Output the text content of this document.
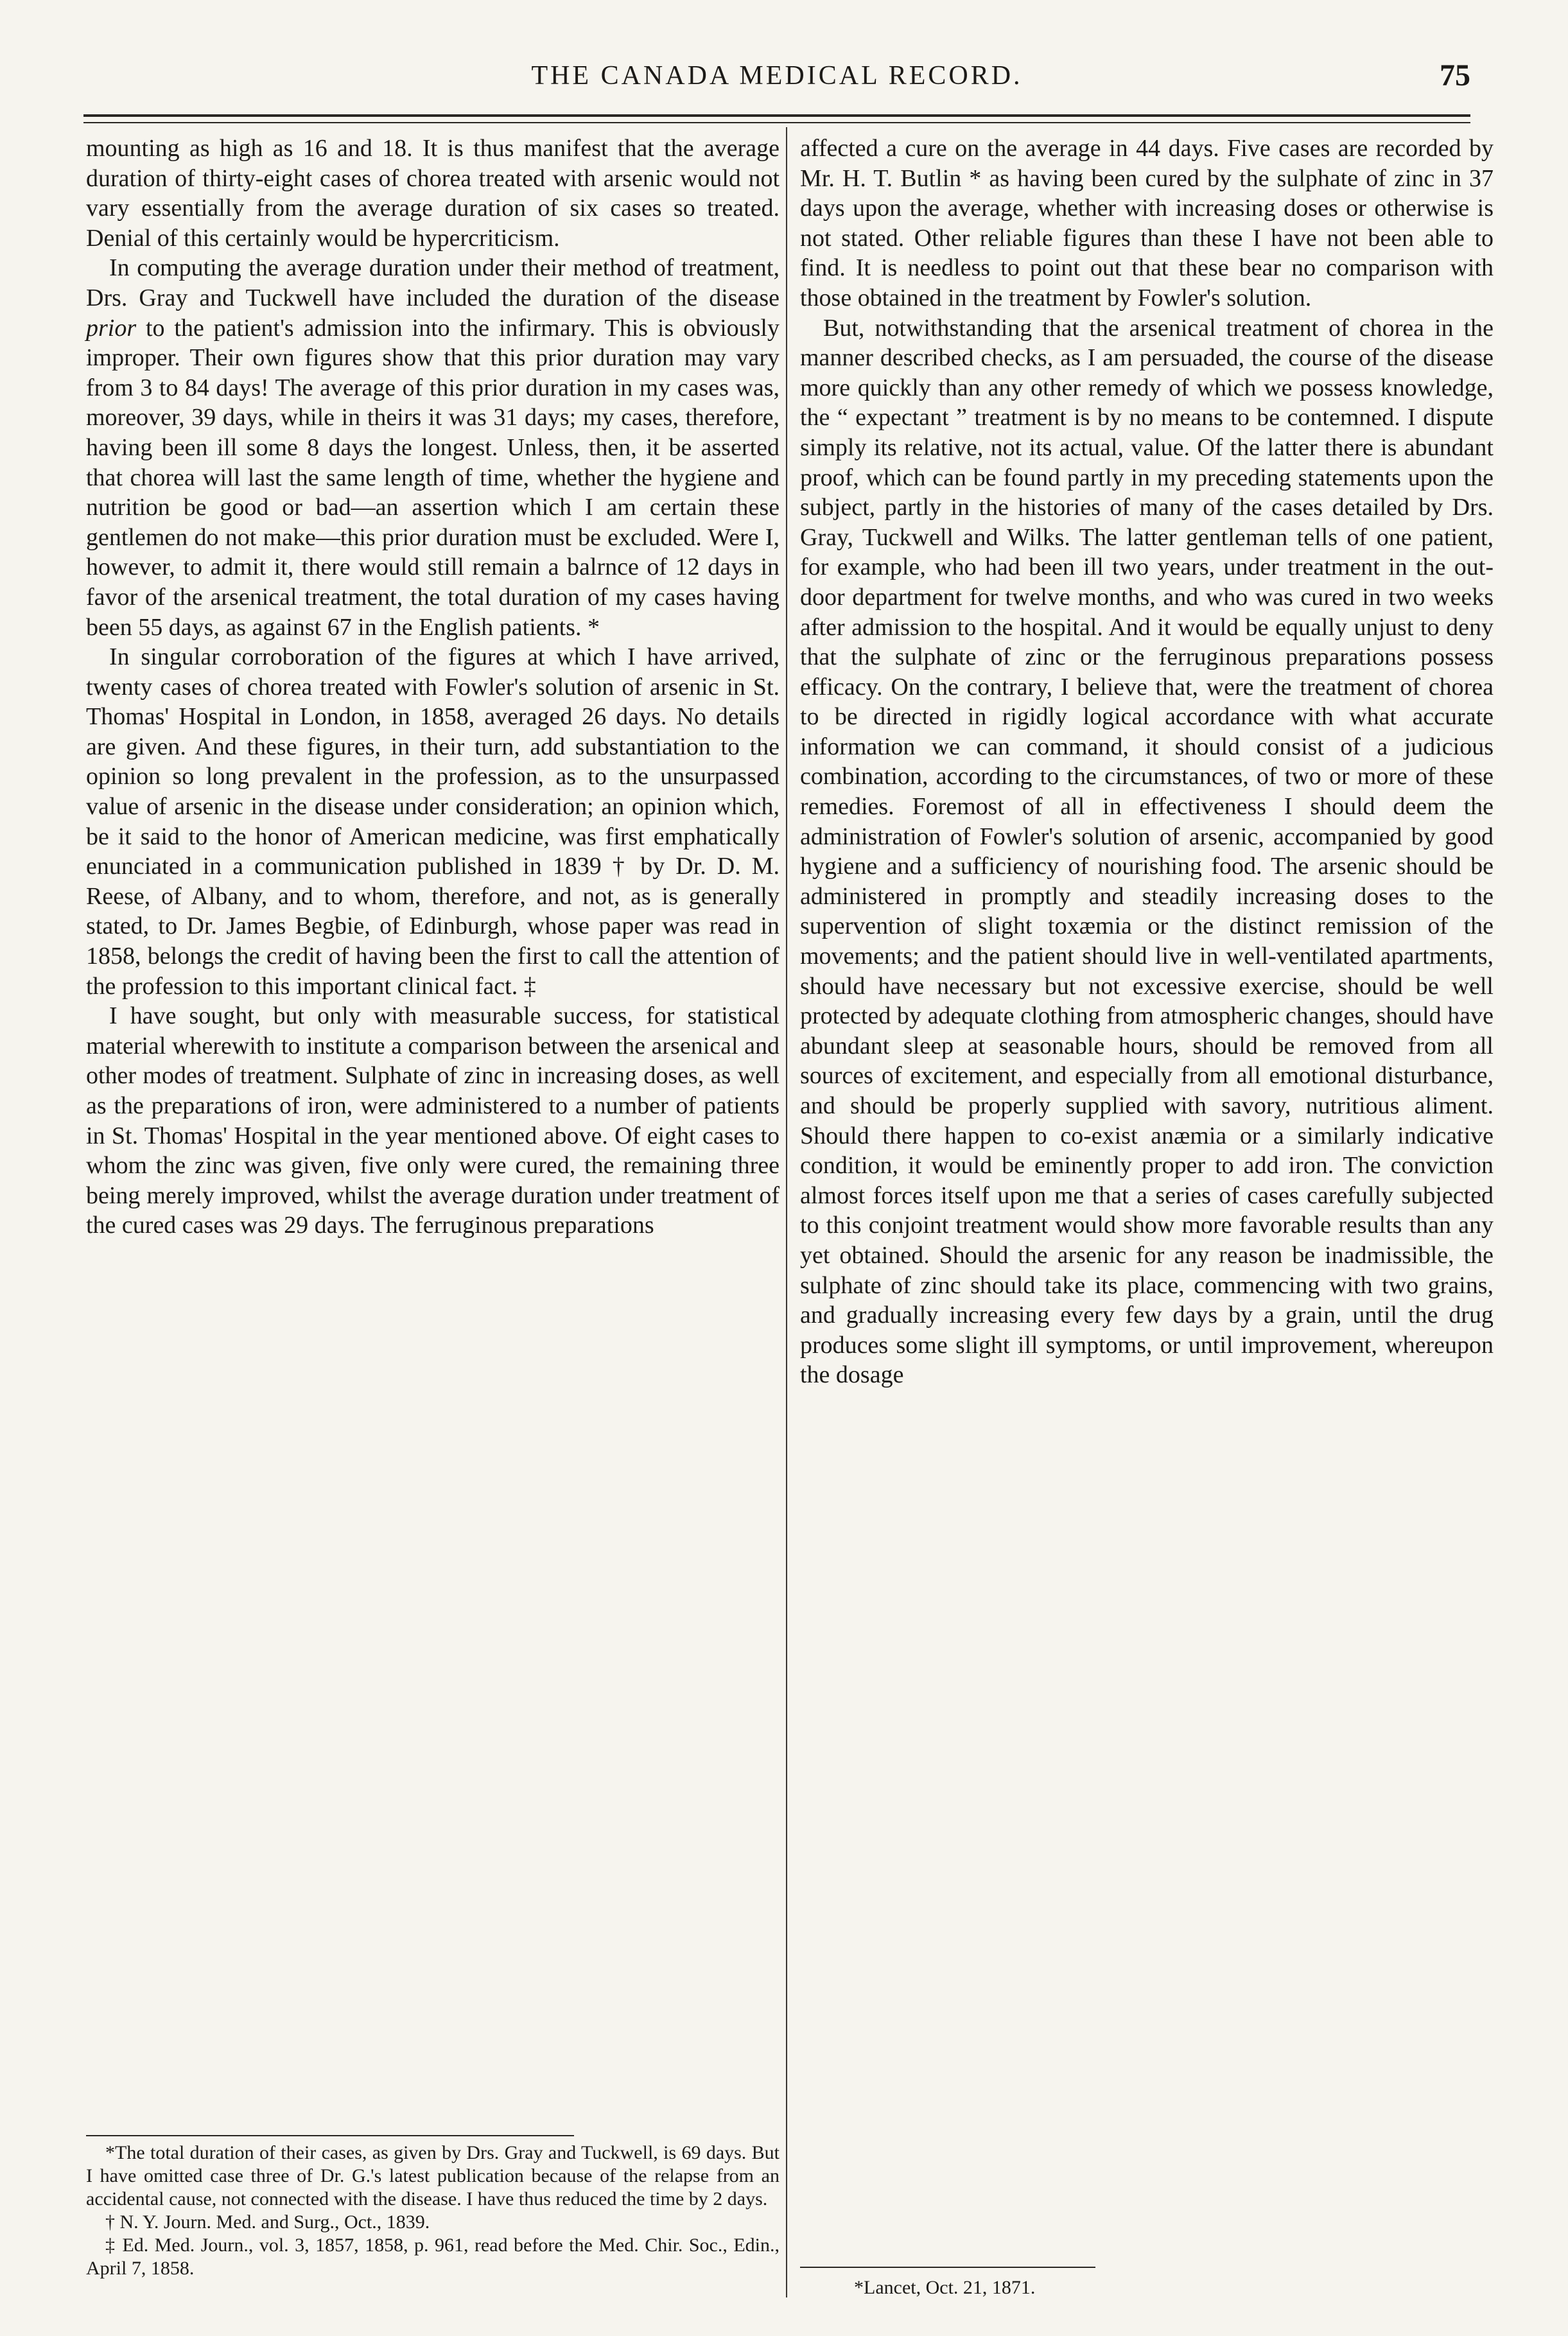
THE CANADA MEDICAL RECORD.	75

mounting as high as 16 and 18. It is thus manifest that the average duration of thirty-eight cases of chorea treated with arsenic would not vary essentially from the average duration of six cases so treated. Denial of this certainly would be hypercriticism.

In computing the average duration under their method of treatment, Drs. Gray and Tuckwell have included the duration of the disease prior to the patient's admission into the infirmary. This is obviously improper. Their own figures show that this prior duration may vary from 3 to 84 days! The average of this prior duration in my cases was, moreover, 39 days, while in theirs it was 31 days; my cases, therefore, having been ill some 8 days the longest. Unless, then, it be asserted that chorea will last the same length of time, whether the hygiene and nutrition be good or bad—an assertion which I am certain these gentlemen do not make—this prior duration must be excluded. Were I, however, to admit it, there would still remain a balrnce of 12 days in favor of the arsenical treatment, the total duration of my cases having been 55 days, as against 67 in the English patients. *

In singular corroboration of the figures at which I have arrived, twenty cases of chorea treated with Fowler's solution of arsenic in St. Thomas' Hospital in London, in 1858, averaged 26 days. No details are given. And these figures, in their turn, add substantiation to the opinion so long prevalent in the profession, as to the unsurpassed value of arsenic in the disease under consideration; an opinion which, be it said to the honor of American medicine, was first emphatically enunciated in a communication published in 1839 † by Dr. D. M. Reese, of Albany, and to whom, therefore, and not, as is generally stated, to Dr. James Begbie, of Edinburgh, whose paper was read in 1858, belongs the credit of having been the first to call the attention of the profession to this important clinical fact. ‡

I have sought, but only with measurable success, for statistical material wherewith to institute a comparison between the arsenical and other modes of treatment. Sulphate of zinc in increasing doses, as well as the preparations of iron, were administered to a number of patients in St. Thomas' Hospital in the year mentioned above. Of eight cases to whom the zinc was given, five only were cured, the remaining three being merely improved, whilst the average duration under treatment of the cured cases was 29 days. The ferruginous preparations

affected a cure on the average in 44 days. Five cases are recorded by Mr. H. T. Butlin * as having been cured by the sulphate of zinc in 37 days upon the average, whether with increasing doses or otherwise is not stated. Other reliable figures than these I have not been able to find. It is needless to point out that these bear no comparison with those obtained in the treatment by Fowler's solution.

But, notwithstanding that the arsenical treatment of chorea in the manner described checks, as I am persuaded, the course of the disease more quickly than any other remedy of which we possess knowledge, the “ expectant ” treatment is by no means to be contemned. I dispute simply its relative, not its actual, value. Of the latter there is abundant proof, which can be found partly in my preceding statements upon the subject, partly in the histories of many of the cases detailed by Drs. Gray, Tuckwell and Wilks. The latter gentleman tells of one patient, for example, who had been ill two years, under treatment in the out-door department for twelve months, and who was cured in two weeks after admission to the hospital. And it would be equally unjust to deny that the sulphate of zinc or the ferruginous preparations possess efficacy. On the contrary, I believe that, were the treatment of chorea to be directed in rigidly logical accordance with what accurate information we can command, it should consist of a judicious combination, according to the circumstances, of two or more of these remedies. Foremost of all in effectiveness I should deem the administration of Fowler's solution of arsenic, accompanied by good hygiene and a sufficiency of nourishing food. The arsenic should be administered in promptly and steadily increasing doses to the supervention of slight toxæmia or the distinct remission of the movements; and the patient should live in well-ventilated apartments, should have necessary but not excessive exercise, should be well protected by adequate clothing from atmospheric changes, should have abundant sleep at seasonable hours, should be removed from all sources of excitement, and especially from all emotional disturbance, and should be properly supplied with savory, nutritious aliment. Should there happen to co-exist anæmia or a similarly indicative condition, it would be eminently proper to add iron. The conviction almost forces itself upon me that a series of cases carefully subjected to this conjoint treatment would show more favorable results than any yet obtained. Should the arsenic for any reason be inadmissible, the sulphate of zinc should take its place, commencing with two grains, and gradually increasing every few days by a grain, until the drug produces some slight ill symptoms, or until improvement, whereupon the dosage

*The total duration of their cases, as given by Drs. Gray and Tuckwell, is 69 days. But I have omitted case three of Dr. G.'s latest publication because of the relapse from an accidental cause, not connected with the disease. I have thus reduced the time by 2 days.

† N. Y. Journ. Med. and Surg., Oct., 1839.

‡ Ed. Med. Journ., vol. 3, 1857, 1858, p. 961, read before the Med. Chir. Soc., Edin., April 7, 1858.

*Lancet, Oct. 21, 1871.
